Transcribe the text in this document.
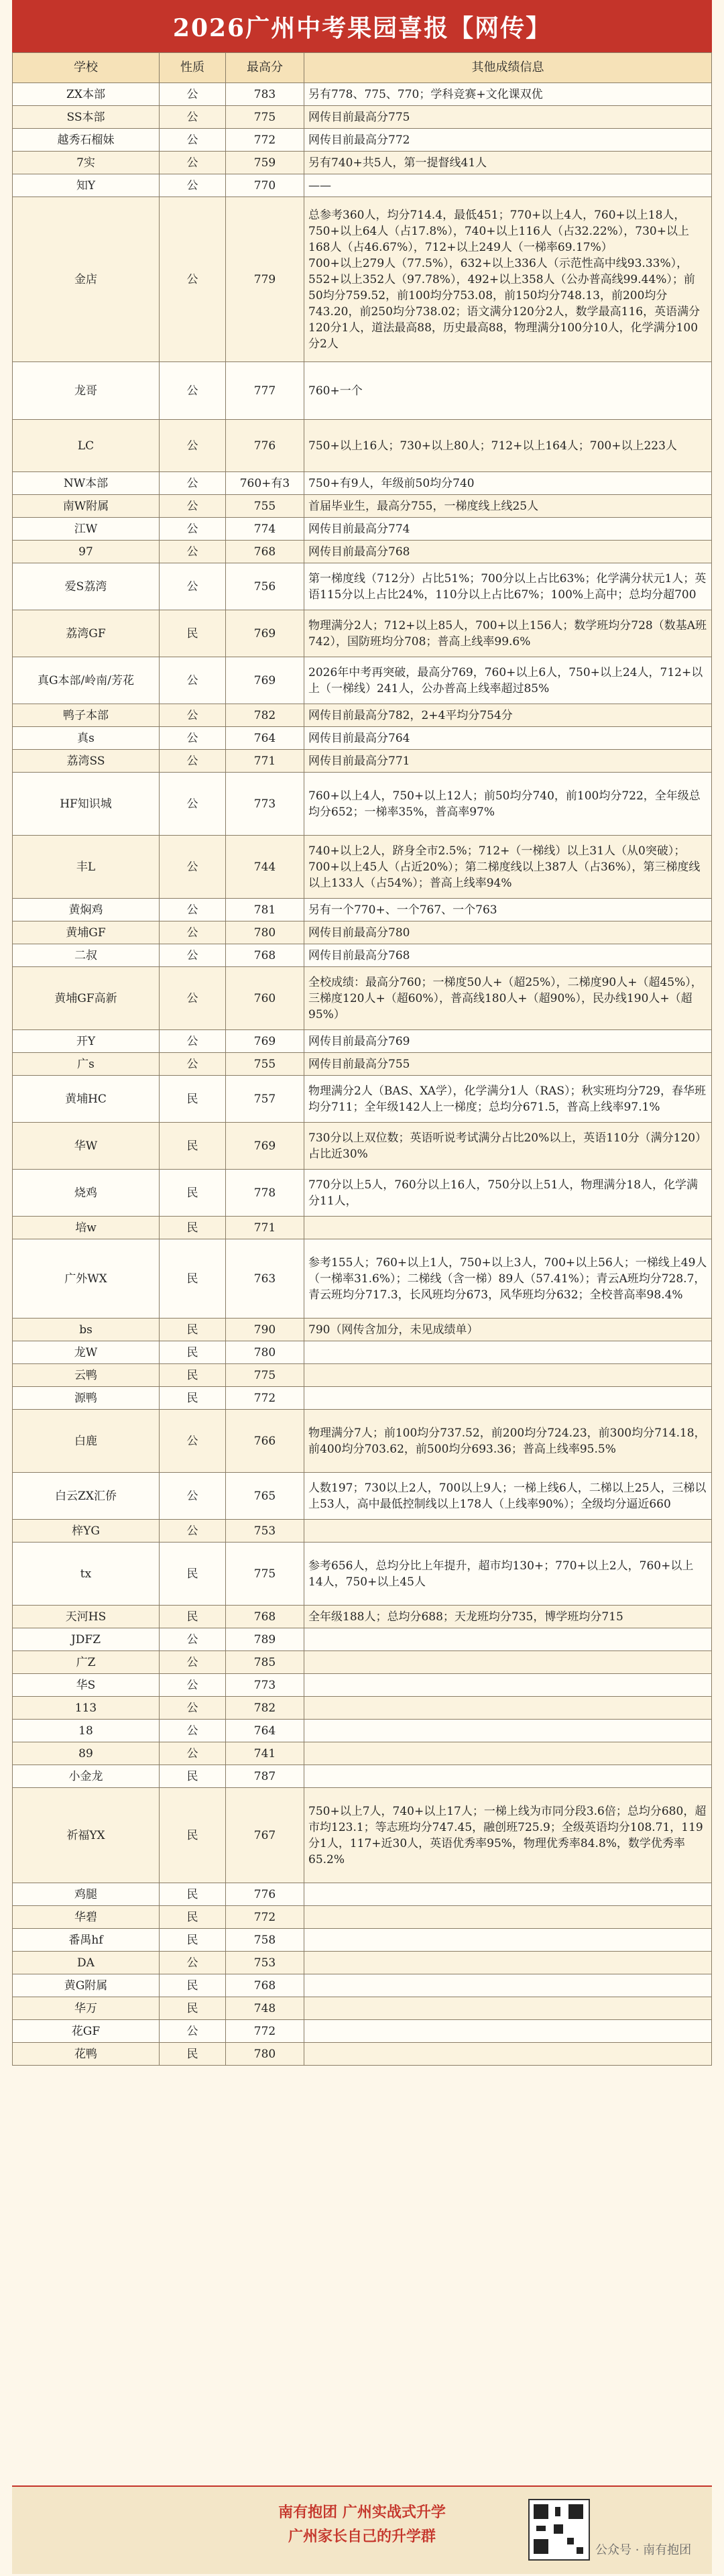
2026广州中考果园喜报【网传】
学校	性质	最高分	其他成绩信息
ZX本部	公	783	另有778、775、770；学科竞赛+文化课双优
SS本部	公	775	网传目前最高分775
越秀石榴妹	公	772	网传目前最高分772
7实	公	759	另有740+共5人，第一提督线41人
知Y	公	770	——
金店	公	779	总参考360人，均分714.4，最低451；770+以上4人，760+以上18人，750+以上64人（占17.8%），740+以上116人（占32.22%），730+以上168人（占46.67%），712+以上249人（一梯率69.17%）
700+以上279人（77.5%），632+以上336人（示范性高中线93.33%），552+以上352人（97.78%），492+以上358人（公办普高线99.44%）；前50均分759.52，前100均分753.08，前150均分748.13，前200均分743.20，前250均分738.02；语文满分120分2人，数学最高116，英语满分120分1人，道法最高88，历史最高88，物理满分100分10人，化学满分100分2人
龙哥	公	777	760+一个
LC	公	776	750+以上16人；730+以上80人；712+以上164人；700+以上223人
NW本部	公	760+有3	750+有9人，年级前50均分740
南W附属	公	755	首届毕业生，最高分755，一梯度线上线25人
江W	公	774	网传目前最高分774
97	公	768	网传目前最高分768
爱S荔湾	公	756	第一梯度线（712分）占比51%；700分以上占比63%；化学满分状元1人；英语115分以上占比24%，110分以上占比67%；100%上高中；总均分超700
荔湾GF	民	769	物理满分2人；712+以上85人，700+以上156人；数学班均分728（数基A班742），国防班均分708；普高上线率99.6%
真G本部/岭南/芳花	公	769	2026年中考再突破，最高分769，760+以上6人，750+以上24人，712+以上（一梯线）241人，公办普高上线率超过85%
鸭子本部	公	782	网传目前最高分782，2+4平均分754分
真s	公	764	网传目前最高分764
荔湾SS	公	771	网传目前最高分771
HF知识城	公	773	760+以上4人，750+以上12人；前50均分740，前100均分722，全年级总均分652；一梯率35%，普高率97%
丰L	公	744	740+以上2人，跻身全市2.5%；712+（一梯线）以上31人（从0突破）；700+以上45人（占近20%）；第二梯度线以上387人（占36%），第三梯度线以上133人（占54%）；普高上线率94%
黄焖鸡	公	781	另有一个770+、一个767、一个763
黄埔GF	公	780	网传目前最高分780
二叔	公	768	网传目前最高分768
黄埔GF高新	公	760	全校成绩：最高分760；一梯度50人+（超25%），二梯度90人+（超45%），三梯度120人+（超60%），普高线180人+（超90%），民办线190人+（超95%）
开Y	公	769	网传目前最高分769
广s	公	755	网传目前最高分755
黄埔HC	民	757	物理满分2人（BAS、XA学），化学满分1人（RAS）；秋实班均分729，春华班均分711；全年级142人上一梯度；总均分671.5，普高上线率97.1%
华W	民	769	730分以上双位数；英语听说考试满分占比20%以上，英语110分（满分120）占比近30%
烧鸡	民	778	770分以上5人，760分以上16人，750分以上51人，物理满分18人，化学满分11人，
培w	民	771	
广外WX	民	763	参考155人；760+以上1人，750+以上3人，700+以上56人；一梯线上49人（一梯率31.6%）；二梯线（含一梯）89人（57.41%）；青云A班均分728.7，青云班均分717.3，长风班均分673，风华班均分632；全校普高率98.4%
bs	民	790	790（网传含加分，未见成绩单）
龙W	民	780	
云鸭	民	775	
源鸭	民	772	
白鹿	公	766	物理满分7人；前100均分737.52，前200均分724.23，前300均分714.18，前400均分703.62，前500均分693.36；普高上线率95.5%
白云ZX汇侨	公	765	人数197；730以上2人，700以上9人；一梯上线6人，二梯以上25人，三梯以上53人，高中最低控制线以上178人（上线率90%）；全级均分逼近660
梓YG	公	753	
tx	民	775	参考656人，总均分比上年提升，超市均130+；770+以上2人，760+以上14人，750+以上45人
天河HS	民	768	全年级188人；总均分688；天龙班均分735，博学班均分715
JDFZ	公	789	
广Z	公	785	
华S	公	773	
113	公	782	
18	公	764	
89	公	741	
小金龙	民	787	
祈福YX	民	767	750+以上7人，740+以上17人；一梯上线为市同分段3.6倍；总均分680，超市均123.1；等志班均分747.45，融创班725.9；全级英语均分108.71，119分1人，117+近30人，英语优秀率95%，物理优秀率84.8%，数学优秀率65.2%
鸡腿	民	776	
华碧	民	772	
番禺hf	民	758	
DA	公	753	
黄G附属	民	768	
华万	民	748	
花GF	公	772	
花鸭	民	780	
南有抱团 广州实战式升学
广州家长自己的升学群
公众号 · 南有抱团
